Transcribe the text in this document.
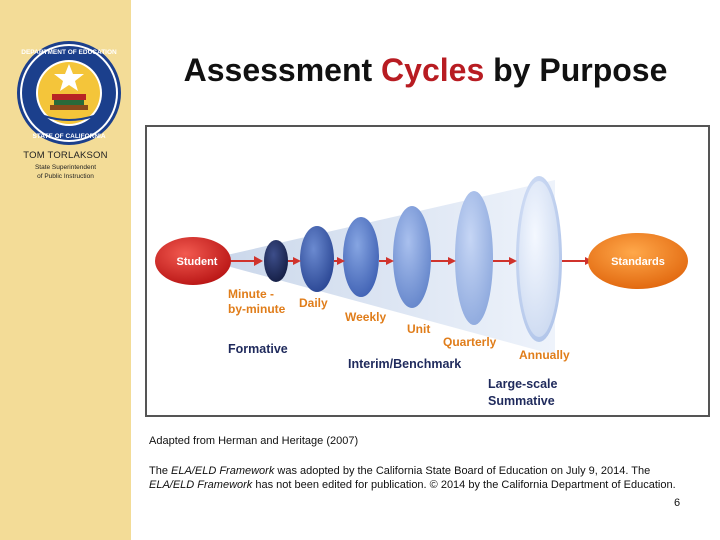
DEPARTMENT OF EDUCATION
STATE OF CALIFORNIA
TOM TORLAKSON
State Superintendent
of Public Instruction
Assessment Cycles by Purpose
Student	Standards
Minute -
by-minute Daily
Weekly
Unit
Quarterly
Annually
Formative
Interim/Benchmark
Large-scale
Summative
Adapted from Herman and Heritage (2007)
The ELA/ELD Framework was adopted by the California State Board of Education on July 9, 2014. The ELA/ELD Framework has not been edited for publication. © 2014 by the California Department of Education.
6
